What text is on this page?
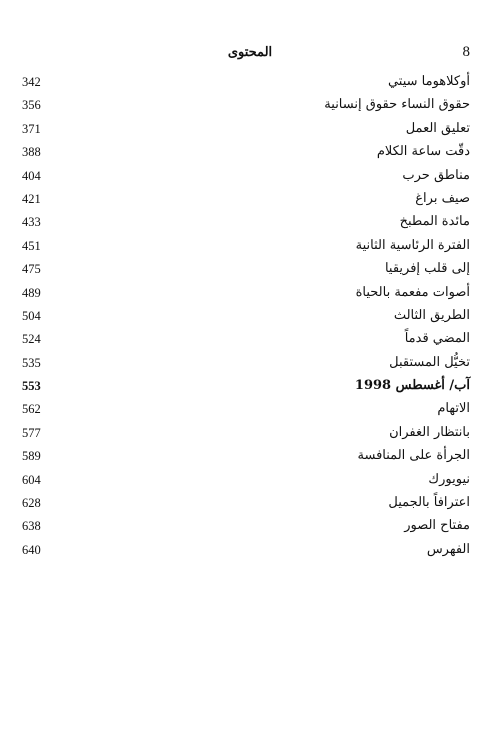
8
المحتوى
أوكلاهوما سيتي
342
حقوق النساء حقوق إنسانية
356
تعليق العمل
371
دقّت ساعة الكلام
388
مناطق حرب
404
صيف براغ
421
مائدة المطبخ
433
الفترة الرئاسية الثانية
451
إلى قلب إفريقيا
475
أصوات مفعمة بالحياة
489
الطريق الثالث
504
المضي قدماً
524
تخيُّل المستقبل
535
آب/ أغسطس 1998
553
الاتهام
562
بانتظار الغفران
577
الجرأة على المنافسة
589
نيويورك
604
اعترافاً بالجميل
628
مفتاح الصور
638
الفهرس
640
